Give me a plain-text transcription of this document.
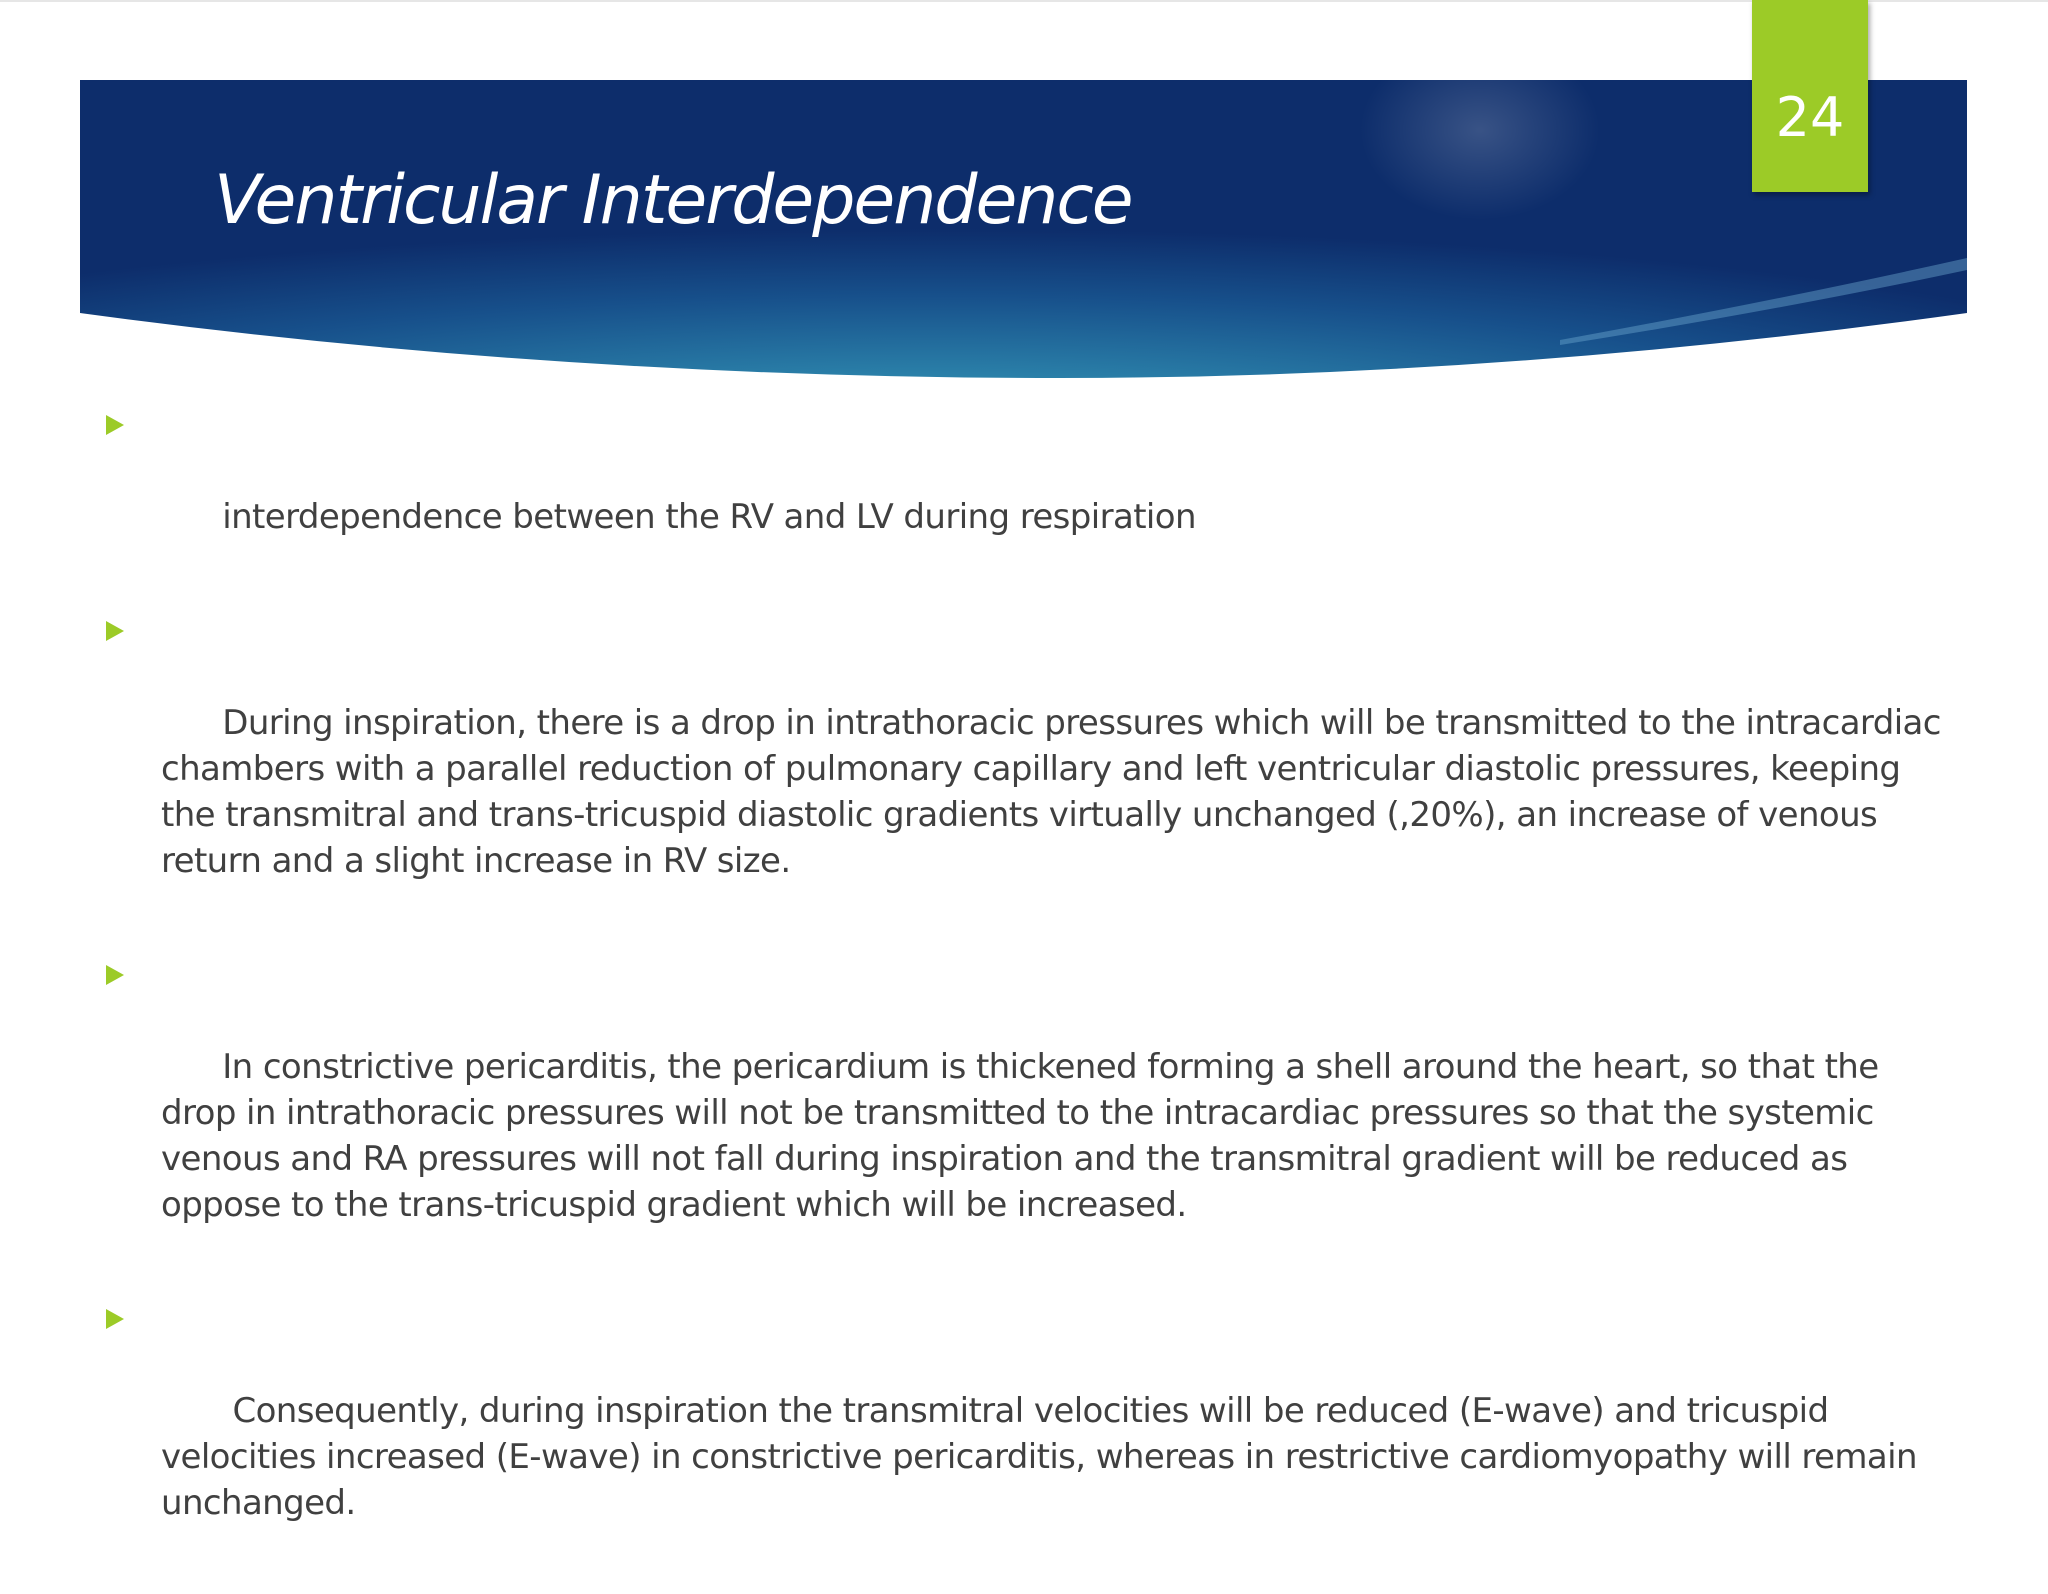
24
Ventricular Interdependence

interdependence between the RV and LV during respiration

During inspiration, there is a drop in intrathoracic pressures which will be transmitted to the intracardiac
chambers with a parallel reduction of pulmonary capillary and left ventricular diastolic pressures, keeping
the transmitral and trans-tricuspid diastolic gradients virtually unchanged (,20%), an increase of venous
return and a slight increase in RV size.

In constrictive pericarditis, the pericardium is thickened forming a shell around the heart, so that the
drop in intrathoracic pressures will not be transmitted to the intracardiac pressures so that the systemic
venous and RA pressures will not fall during inspiration and the transmitral gradient will be reduced as
oppose to the trans-tricuspid gradient which will be increased.

Consequently, during inspiration the transmitral velocities will be reduced (E-wave) and tricuspid
velocities increased (E-wave) in constrictive pericarditis, whereas in restrictive cardiomyopathy will remain
unchanged.
